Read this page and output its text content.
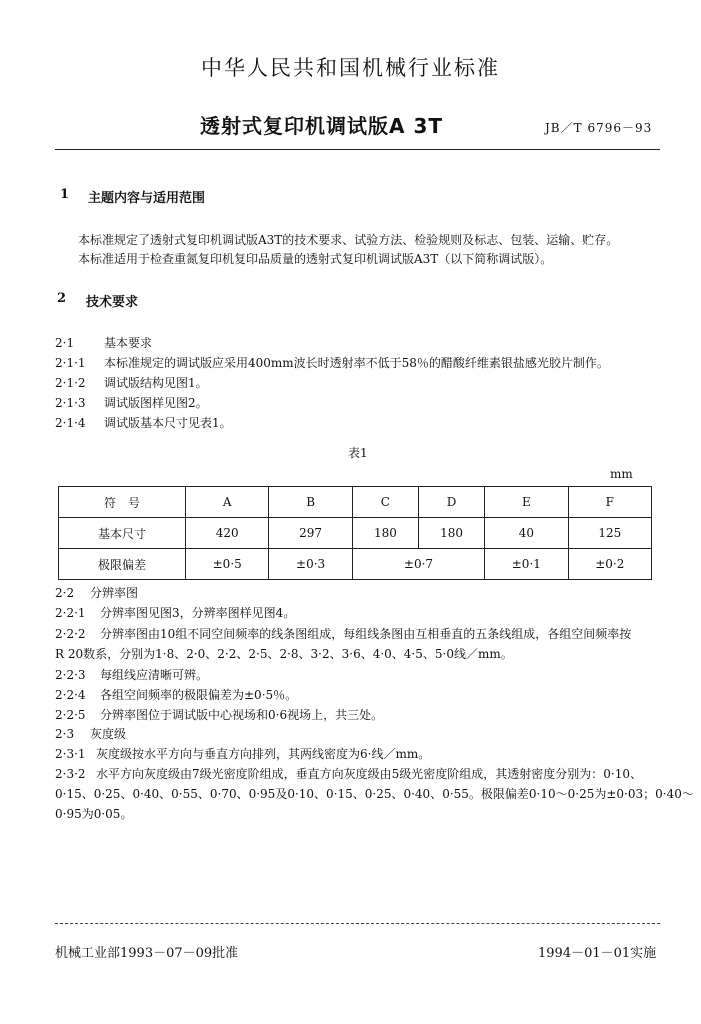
中华人民共和国机械行业标准
透射式复印机调试版A 3T	JB／T 6796－93
1 主题内容与适用范围
本标准规定了透射式复印机调试版A3T的技术要求、试验方法、检验规则及标志、包装、运输、贮存。
本标准适用于检查重氮复印机复印品质量的透射式复印机调试版A3T（以下简称调试版）。
2 技术要求
2·1 基本要求
2·1·1 本标准规定的调试版应采用400mm波长时透射率不低于58％的醋酸纤维素银盐感光胶片制作。
2·1·2 调试版结构见图1。
2·1·3 调试版图样见图2。
2·1·4 调试版基本尺寸见表1。
表1
mm
符　号	A	B	C	D	E	F
基本尺寸	420	297	180	180	40	125
极限偏差	±0·5	±0·3	±0·7		±0·1	±0·2
2·2 分辨率图
2·2·1 分辨率图见图3，分辨率图样见图4。
2·2·2 分辨率图由10组不同空间频率的线条图组成，每组线条图由互相垂直的五条线组成，各组空间频率按
R 20数系，分别为1·8、2·0、2·2、2·5、2·8、3·2、3·6、4·0、4·5、5·0线／mm。
2·2·3 每组线应清晰可辨。
2·2·4 各组空间频率的极限偏差为±0·5％。
2·2·5 分辨率图位于调试版中心视场和0·6视场上，共三处。
2·3 灰度级
2·3·1 灰度级按水平方向与垂直方向排列，其两线密度为6·线／mm。
2·3·2 水平方向灰度级由7级光密度阶组成，垂直方向灰度级由5级光密度阶组成，其透射密度分别为：0·10、
0·15、0·25、0·40、0·55、0·70、0·95及0·10、0·15、0·25、0·40、0·55。极限偏差0·10～0·25为±0·03；0·40～
0·95为0·05。
机械工业部1993－07－09批准	1994－01－01实施
